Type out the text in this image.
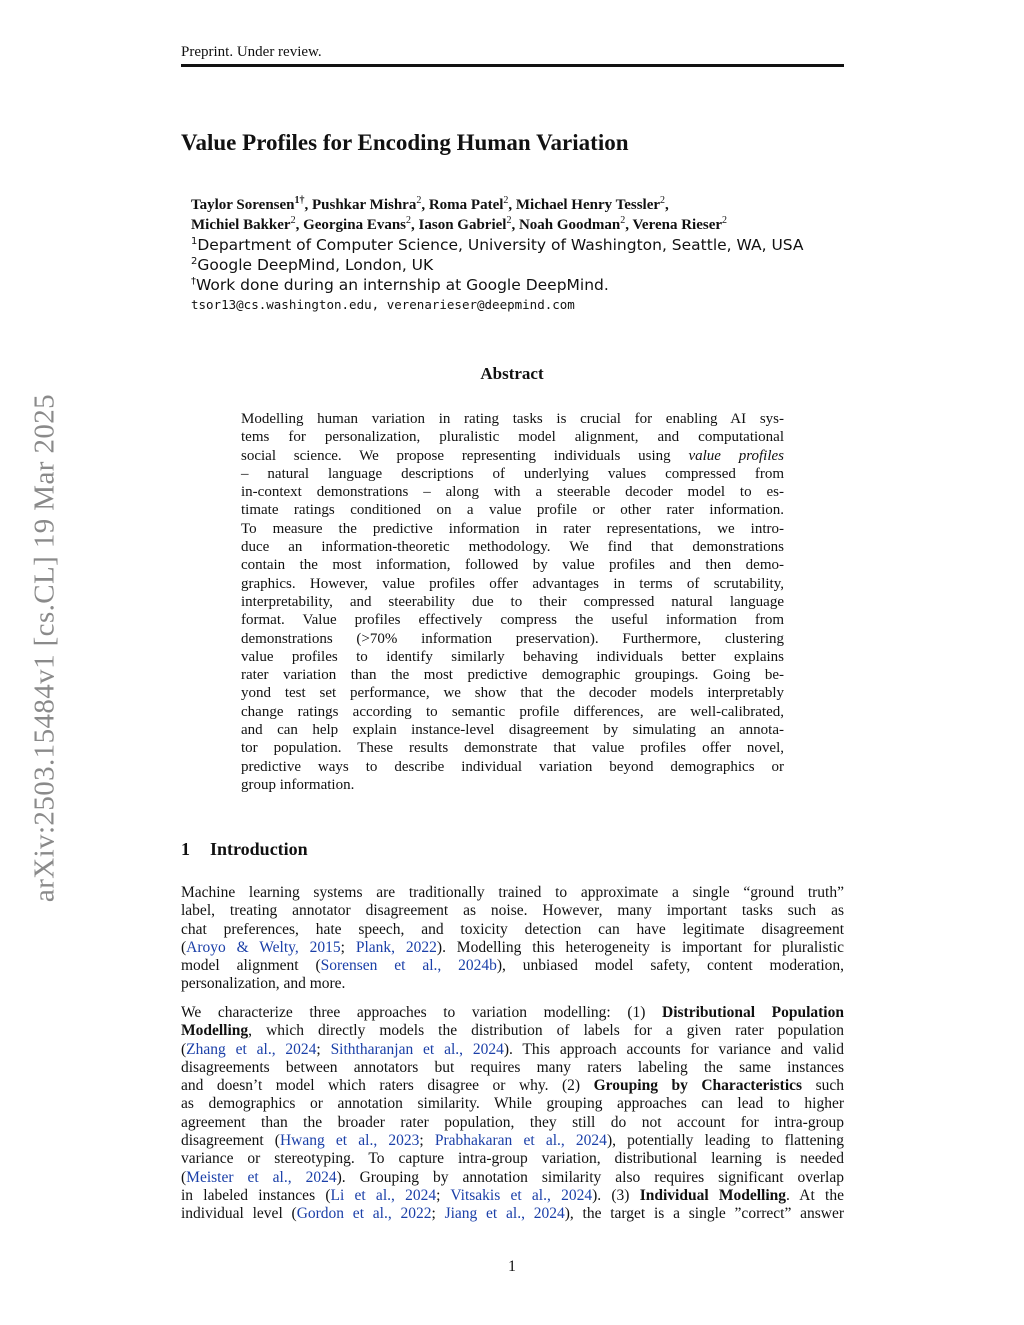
Preprint. Under review.
arXiv:2503.15484v1 [cs.CL] 19 Mar 2025
Value Profiles for Encoding Human Variation
Taylor Sorensen$^{1\dagger}$, Pushkar Mishra$^2$, Roma Patel$^2$, Michael Henry Tessler$^2$,
Michiel Bakker$^2$, Georgina Evans$^2$, Iason Gabriel$^2$, Noah Goodman$^2$, Verena Rieser$^2$
$^1$Department of Computer Science, University of Washington, Seattle, WA, USA
$^2$Google DeepMind, London, UK
†Work done during an internship at Google DeepMind.
tsor13@cs.washington.edu, verenarieser@deepmind.com
Abstract
Modelling human variation in rating tasks is crucial for enabling AI sys-
tems for personalization, pluralistic model alignment, and computational
social science. We propose representing individuals using value profiles
– natural language descriptions of underlying values compressed from
in-context demonstrations – along with a steerable decoder model to es-
timate ratings conditioned on a value profile or other rater information.
To measure the predictive information in rater representations, we intro-
duce an information-theoretic methodology. We find that demonstrations
contain the most information, followed by value profiles and then demo-
graphics. However, value profiles offer advantages in terms of scrutability,
interpretability, and steerability due to their compressed natural language
format. Value profiles effectively compress the useful information from
demonstrations (>70% information preservation). Furthermore, clustering
value profiles to identify similarly behaving individuals better explains
rater variation than the most predictive demographic groupings. Going be-
yond test set performance, we show that the decoder models interpretably
change ratings according to semantic profile differences, are well-calibrated,
and can help explain instance-level disagreement by simulating an annota-
tor population. These results demonstrate that value profiles offer novel,
predictive ways to describe individual variation beyond demographics or
group information.
1 Introduction
Machine learning systems are traditionally trained to approximate a single “ground truth”
label, treating annotator disagreement as noise. However, many important tasks such as
chat preferences, hate speech, and toxicity detection can have legitimate disagreement
(Aroyo & Welty, 2015; Plank, 2022). Modelling this heterogeneity is important for pluralistic
model alignment (Sorensen et al., 2024b), unbiased model safety, content moderation,
personalization, and more.
We characterize three approaches to variation modelling: (1) Distributional Population
Modelling, which directly models the distribution of labels for a given rater population
(Zhang et al., 2024; Siththaranjan et al., 2024). This approach accounts for variance and valid
disagreements between annotators but requires many raters labeling the same instances
and doesn’t model which raters disagree or why. (2) Grouping by Characteristics such
as demographics or annotation similarity. While grouping approaches can lead to higher
agreement than the broader rater population, they still do not account for intra-group
disagreement (Hwang et al., 2023; Prabhakaran et al., 2024), potentially leading to flattening
variance or stereotyping. To capture intra-group variation, distributional learning is needed
(Meister et al., 2024). Grouping by annotation similarity also requires significant overlap
in labeled instances (Li et al., 2024; Vitsakis et al., 2024). (3) Individual Modelling. At the
individual level (Gordon et al., 2022; Jiang et al., 2024), the target is a single ”correct” answer
1
